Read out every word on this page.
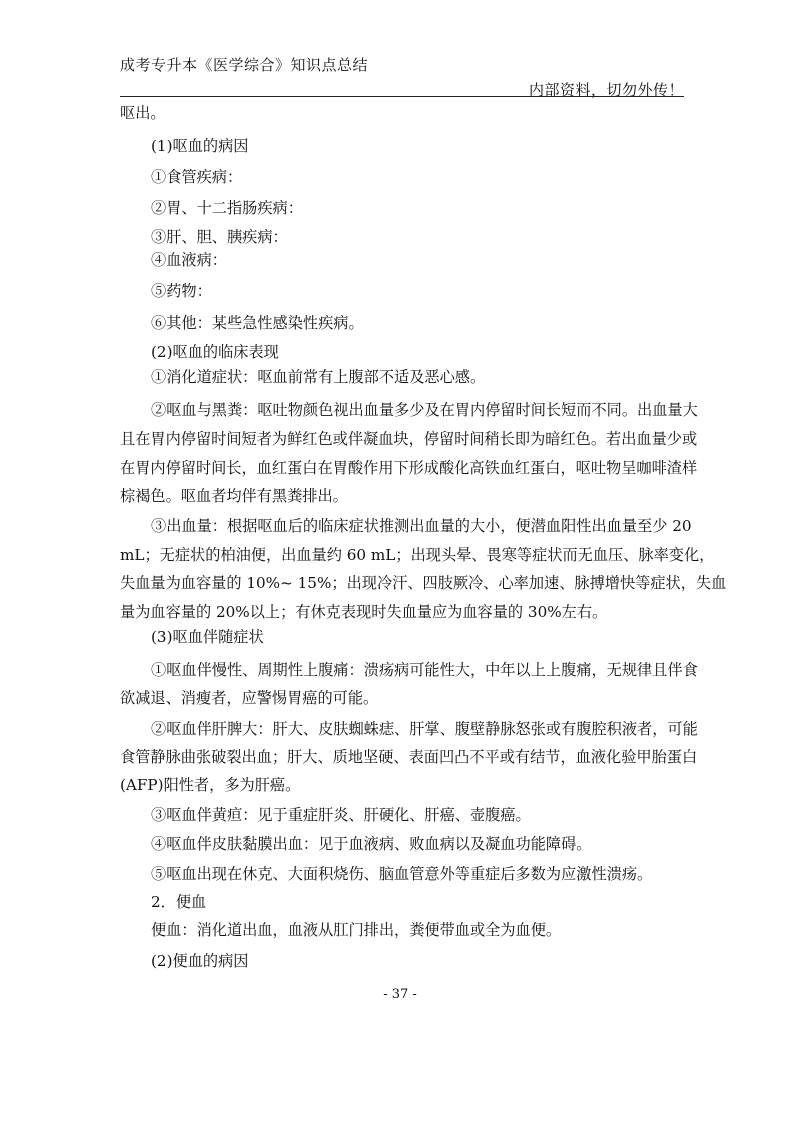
成考专升本《医学综合》知识点总结
内部资料，切勿外传！
呕出。
(1)呕血的病因
①食管疾病：
②胃、十二指肠疾病：
③肝、胆、胰疾病：
④血液病：
⑤药物：
⑥其他：某些急性感染性疾病。
(2)呕血的临床表现
①消化道症状：呕血前常有上腹部不适及恶心感。
②呕血与黑粪：呕吐物颜色视出血量多少及在胃内停留时间长短而不同。出血量大
且在胃内停留时间短者为鲜红色或伴凝血块，停留时间稍长即为暗红色。若出血量少或
在胃内停留时间长，血红蛋白在胃酸作用下形成酸化高铁血红蛋白，呕吐物呈咖啡渣样
棕褐色。呕血者均伴有黑粪排出。
③出血量：根据呕血后的临床症状推测出血量的大小，便潜血阳性出血量至少 20
mL；无症状的柏油便，出血量约 60 mL；出现头晕、畏寒等症状而无血压、脉率变化，
失血量为血容量的 10%~ 15%；出现冷汗、四肢厥冷、心率加速、脉搏增快等症状，失血
量为血容量的 20%以上；有休克表现时失血量应为血容量的 30%左右。
(3)呕血伴随症状
①呕血伴慢性、周期性上腹痛：溃疡病可能性大，中年以上上腹痛，无规律且伴食
欲减退、消瘦者，应警惕胃癌的可能。
②呕血伴肝脾大：肝大、皮肤蜘蛛痣、肝掌、腹壁静脉怒张或有腹腔积液者，可能
食管静脉曲张破裂出血；肝大、质地坚硬、表面凹凸不平或有结节，血液化验甲胎蛋白
(AFP)阳性者，多为肝癌。
③呕血伴黄疸：见于重症肝炎、肝硬化、肝癌、壶腹癌。
④呕血伴皮肤黏膜出血：见于血液病、败血病以及凝血功能障碍。
⑤呕血出现在休克、大面积烧伤、脑血管意外等重症后多数为应激性溃疡。
2．便血
便血：消化道出血，血液从肛门排出，粪便带血或全为血便。
(2)便血的病因
- 37 -
